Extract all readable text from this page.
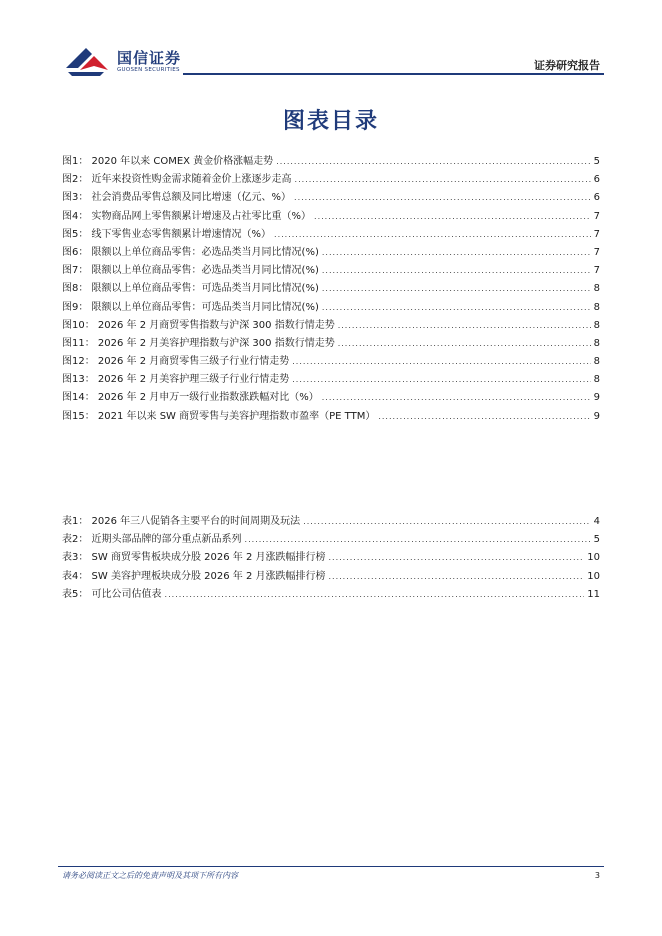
国信证券
GUOSEN SECURITIES	证券研究报告
图表目录
图1： 2020 年以来 COMEX 黄金价格涨幅走势 .....	5
图2： 近年来投资性购金需求随着金价上涨逐步走高 .....	6
图3： 社会消费品零售总额及同比增速（亿元、%） .....	6
图4： 实物商品网上零售额累计增速及占社零比重（%） .....	7
图5： 线下零售业态零售额累计增速情况（%） .....	7
图6： 限额以上单位商品零售：必选品类当月同比情况(%) .....	7
图7： 限额以上单位商品零售：必选品类当月同比情况(%) .....	7
图8： 限额以上单位商品零售：可选品类当月同比情况(%) .....	8
图9： 限额以上单位商品零售：可选品类当月同比情况(%) .....	8
图10： 2026 年 2 月商贸零售指数与沪深 300 指数行情走势 .....	8
图11： 2026 年 2 月美容护理指数与沪深 300 指数行情走势 .....	8
图12： 2026 年 2 月商贸零售三级子行业行情走势 .....	8
图13： 2026 年 2 月美容护理三级子行业行情走势 .....	8
图14： 2026 年 2 月申万一级行业指数涨跌幅对比（%） .....	9
图15： 2021 年以来 SW 商贸零售与美容护理指数市盈率（PE TTM） .....	9
表1： 2026 年三八促销各主要平台的时间周期及玩法 .....	4
表2： 近期头部品牌的部分重点新品系列 .....	5
表3： SW 商贸零售板块成分股 2026 年 2 月涨跌幅排行榜 .....	10
表4： SW 美容护理板块成分股 2026 年 2 月涨跌幅排行榜 .....	10
表5： 可比公司估值表 .....	11
请务必阅读正文之后的免责声明及其项下所有内容	3
